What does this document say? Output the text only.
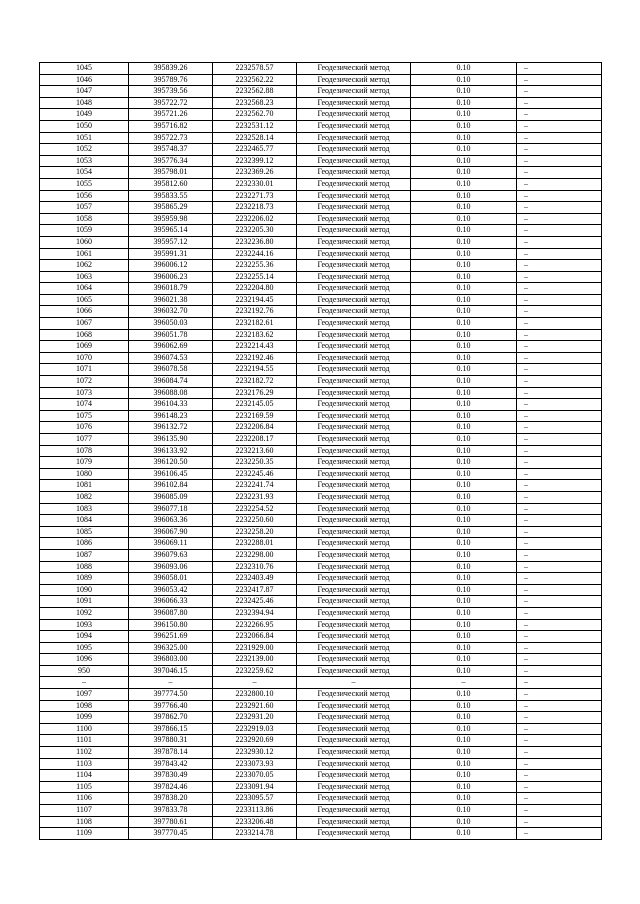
1045	395839.26	2232578.57	Геодезический метод	0.10	–
1046	395789.76	2232562.22	Геодезический метод	0.10	–
1047	395739.56	2232562.88	Геодезический метод	0.10	–
1048	395722.72	2232568.23	Геодезический метод	0.10	–
1049	395721.26	2232562.70	Геодезический метод	0.10	–
1050	395716.82	2232531.12	Геодезический метод	0.10	–
1051	395722.73	2232528.14	Геодезический метод	0.10	–
1052	395748.37	2232465.77	Геодезический метод	0.10	–
1053	395776.34	2232399.12	Геодезический метод	0.10	–
1054	395798.01	2232369.26	Геодезический метод	0.10	–
1055	395812.60	2232330.01	Геодезический метод	0.10	–
1056	395833.55	2232271.73	Геодезический метод	0.10	–
1057	395865.29	2232218.73	Геодезический метод	0.10	–
1058	395959.98	2232206.02	Геодезический метод	0.10	–
1059	395965.14	2232205.30	Геодезический метод	0.10	–
1060	395957.12	2232236.80	Геодезический метод	0.10	–
1061	395991.31	2232244.16	Геодезический метод	0.10	–
1062	396006.12	2232255.36	Геодезический метод	0.10	–
1063	396006.23	2232255.14	Геодезический метод	0.10	–
1064	396018.79	2232204.80	Геодезический метод	0.10	–
1065	396021.38	2232194.45	Геодезический метод	0.10	–
1066	396032.70	2232192.76	Геодезический метод	0.10	–
1067	396050.03	2232182.61	Геодезический метод	0.10	–
1068	396051.78	2232183.62	Геодезический метод	0.10	–
1069	396062.69	2232214.43	Геодезический метод	0.10	–
1070	396074.53	2232192.46	Геодезический метод	0.10	–
1071	396078.58	2232194.55	Геодезический метод	0.10	–
1072	396084.74	2232182.72	Геодезический метод	0.10	–
1073	396088.08	2232176.29	Геодезический метод	0.10	–
1074	396104.33	2232145.05	Геодезический метод	0.10	–
1075	396148.23	2232169.59	Геодезический метод	0.10	–
1076	396132.72	2232206.84	Геодезический метод	0.10	–
1077	396135.90	2232208.17	Геодезический метод	0.10	–
1078	396133.92	2232213.60	Геодезический метод	0.10	–
1079	396120.50	2232250.35	Геодезический метод	0.10	–
1080	396106.45	2232245.46	Геодезический метод	0.10	–
1081	396102.84	2232241.74	Геодезический метод	0.10	–
1082	396085.09	2232231.93	Геодезический метод	0.10	–
1083	396077.18	2232254.52	Геодезический метод	0.10	–
1084	396063.36	2232250.60	Геодезический метод	0.10	–
1085	396067.90	2232258.20	Геодезический метод	0.10	–
1086	396069.11	2232288.01	Геодезический метод	0.10	–
1087	396079.63	2232298.00	Геодезический метод	0.10	–
1088	396093.06	2232310.76	Геодезический метод	0.10	–
1089	396058.01	2232403.49	Геодезический метод	0.10	–
1090	396053.42	2232417.87	Геодезический метод	0.10	–
1091	396066.33	2232425.46	Геодезический метод	0.10	–
1092	396087.80	2232394.94	Геодезический метод	0.10	–
1093	396150.80	2232266.95	Геодезический метод	0.10	–
1094	396251.69	2232066.84	Геодезический метод	0.10	–
1095	396325.00	2231929.00	Геодезический метод	0.10	–
1096	396803.00	2232139.00	Геодезический метод	0.10	–
950	397046.15	2232259.62	Геодезический метод	0.10	–
–	–	–	–	–	–
1097	397774.50	2232800.10	Геодезический метод	0.10	–
1098	397766.40	2232921.60	Геодезический метод	0.10	–
1099	397862.70	2232931.20	Геодезический метод	0.10	–
1100	397866.15	2232919.03	Геодезический метод	0.10	–
1101	397880.31	2232920.69	Геодезический метод	0.10	–
1102	397878.14	2232930.12	Геодезический метод	0.10	–
1103	397843.42	2233073.93	Геодезический метод	0.10	–
1104	397830.49	2233070.05	Геодезический метод	0.10	–
1105	397824.46	2233091.94	Геодезический метод	0.10	–
1106	397838.20	2233095.57	Геодезический метод	0.10	–
1107	397833.78	2233113.86	Геодезический метод	0.10	–
1108	397780.61	2233206.48	Геодезический метод	0.10	–
1109	397770.45	2233214.78	Геодезический метод	0.10	–
